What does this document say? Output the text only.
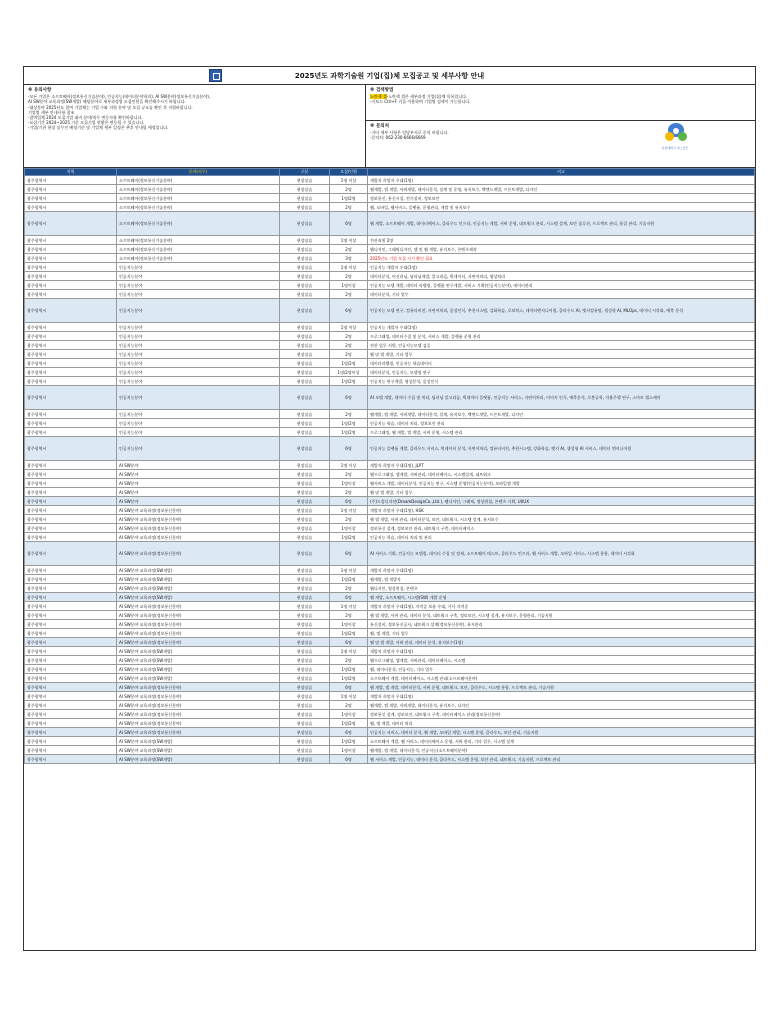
2025년도 과학기술원 기업(집)체 모집공고 및 세부사항 안내
※ 유의사항

-모든 기업은 소프트웨어(정보통신기술분야), 인공지능(데이터분야학과), AI SW분야(정보통신기술분야),

AI SW분야 교육과정(SW개발) 해당분야로 세부과정별 모집인원을 확인해주시기 바랍니다.

-대상분야 2025년도 참여 기업체는 기업 수와 지원 분야 및 모집 규모를 확인 후 지원바랍니다.

기업별 세부 안내사항 참조

-참여업체 2024 모집기업 대비 분야/직무 변동사항 확인바랍니다.

-모집기간 2024~2025 기준 모집기업 현황은 변동될 수 있습니다.

-기업/기관 현장 실무진 배정기준 및 기업체 세부 일정은 추후 안내될 예정입니다.

※ 검색방법

노란색 셀-노란색 셀은 세부과정 기업(집)체 목록입니다.

-키보드 Ctrl+F 키를 이용하여 기업명 검색이 가능합니다.

※ 문의처

-기타 세부 사항은 담당부서로 문의 바랍니다.

-문의처: 062-230-6666/6669

조선대학교 마스코트
지역	분야(직무)	구분	모집/인원	비고
광주광역시	소프트웨어(정보통신기술분야)	현장실습	1명 이상	개발자 희망자 우대(1명)
광주광역시	소프트웨어(정보통신기술분야)	현장실습	2명	웹개발, 앱 개발, 서버개발, 데이터분석, 설계 및 운영, 유지보수, 백엔드개발, 프론트개발, 디자인
광주광역시	소프트웨어(정보통신기술분야)	현장실습	1명/2명	정보통신, 통신시설, 전기설비, 정보보안
광주광역시	소프트웨어(정보통신기술분야)	현장실습	2명	웹, 모바일, 웹서비스, 플랫폼, 운영관리, 개발 및 유지보수
광주광역시	소프트웨어(정보통신기술분야)	현장실습	6명	웹 개발, 소프트웨어 개발, 데이터베이스, 클라우드 인프라, 인공지능 개발, 서버 운영, 네트워크 관리, 시스템 설계, 보안 솔루션, 프로젝트 관리, 품질 관리, 기술지원
광주광역시	소프트웨어(정보통신기술분야)	현장실습	1명 이상	전산직원 2명
광주광역시	소프트웨어(정보통신기술분야)	현장실습	2명	웹디자인, 그래픽디자인, 앱 및 웹 개발, 유지보수, 콘텐츠제작
광주광역시	소프트웨어(정보통신기술분야)	현장실습	3명	2025년도 기업 모집 시기 확인 필요
광주광역시	인공지능분야	현장실습	1명 이상	인공지능 개발자 우대(1명)
광주광역시	인공지능분야	현장실습	2명	데이터분석, 머신러닝, 딥러닝개발, 알고리즘, 빅데이터, 자연어처리, 영상처리
광주광역시	인공지능분야	현장실습	1명이상	인공지능 모델 개발, 데이터 라벨링, 플랫폼 연구개발, 서비스 기획(인공지능분야), 데이터관리
광주광역시	인공지능분야	현장실습	2명	데이터분석, 기타 업무
광주광역시	인공지능분야	현장실습	6명	인공지능 모델 연구, 컴퓨터비전, 자연어처리, 음성인식, 추천시스템, 강화학습, 로보틱스, 데이터엔지니어링, 클라우드 AI, 엣지컴퓨팅, 생성형 AI, MLOps, 데이터 시각화, 예측 분석
광주광역시	인공지능분야	현장실습	1명 이상	인공지능 개발자 우대(1명)
광주광역시	인공지능분야	현장실습	2명	프로그래밍, 데이터수집 및 분석, 서비스 개발, 플랫폼 운영 관리
광주광역시	인공지능분야	현장실습	2명	전산 업무 지원, 인공지능모델 검증
광주광역시	인공지능분야	현장실습	2명	웹 및 앱 개발, 기타 업무
광주광역시	인공지능분야	현장실습	1명/2명	데이터라벨링, 인공지능 학습데이터
광주광역시	인공지능분야	현장실습	1명/2명이상	데이터분석, 인공지능, 모델링 연구
광주광역시	인공지능분야	현장실습	1명/2명	인공지능 연구개발, 영상분석, 음성인식
광주광역시	인공지능분야	현장실습	6명	AI 모델 개발, 데이터 수집 및 처리, 딥러닝 알고리즘, 빅데이터 플랫폼, 인공지능 서비스, 자연어처리, 이미지 인식, 예측분석, 로봇공학, 자율주행 연구, 스마트 헬스케어
광주광역시	인공지능분야	현장실습	2명	웹개발, 앱 개발, 서버개발, 데이터분석, 설계, 유지보수, 백엔드개발, 프론트개발, 디자인
광주광역시	인공지능분야	현장실습	1명/2명	인공지능 학습, 데이터 처리, 정보보안 관리
광주광역시	인공지능분야	현장실습	1명/2명	프로그래밍, 웹 개발, 앱 개발, 서버 운영, 시스템 관리
광주광역시	인공지능분야	현장실습	6명	인공지능 플랫폼 개발, 클라우드 서비스, 빅데이터 분석, 자연어처리, 컴퓨터비전, 추천시스템, 강화학습, 엣지 AI, 생성형 AI 서비스, 데이터 엔지니어링
광주광역시	AI SW분야	현장실습	1명 이상	개발자 희망자 우대(1명), JLPT
광주광역시	AI SW분야	현장실습	2명	웹프로그래밍, 앱개발, 서버관리, 데이터베이스, 시스템설계, 네트워크
광주광역시	AI SW분야	현장실습	1명이상	웹서비스 개발, 데이터분석, 인공지능 연구, 시스템 운영(인공지능분야), 모바일앱 개발
광주광역시	AI SW분야	현장실습	2명	웹 및 앱 개발, 기타 업무
광주광역시	AI SW분야	현장실습	6명	(주)드림디자인(DreamDesignCo.,Ltd.), 웹디자인, 그래픽, 영상편집, 콘텐츠 기획, UI/UX
광주광역시	AI SW분야 교육과정(정보통신분야)	현장실습	1명 이상	개발자 희망자 우대(1명), HSK
광주광역시	AI SW분야 교육과정(정보통신분야)	현장실습	2명	웹 앱 개발, 서버 관리, 데이터분석, 보안, 네트워크, 시스템 설계, 유지보수
광주광역시	AI SW분야 교육과정(정보통신분야)	현장실습	1명이상	정보통신 설계, 정보보안 관리, 네트워크 구축, 데이터베이스
광주광역시	AI SW분야 교육과정(정보통신분야)	현장실습	1명/2명	인공지능 학습, 데이터 처리 및 관리
광주광역시	AI SW분야 교육과정(정보통신분야)	현장실습	6명	AI 서비스 기획, 인공지능 모델링, 데이터 수집 및 정제, 소프트웨어 테스트, 클라우드 인프라, 웹 서비스 개발, 모바일 서비스, 시스템 통합, 데이터 시각화
광주광역시	AI SW분야 교육과정(SW개발)	현장실습	1명 이상	개발자 희망자 우대(1명)
광주광역시	AI SW분야 교육과정(SW개발)	현장실습	1명/2명	웹개발, 앱 개발자
광주광역시	AI SW분야 교육과정(SW개발)	현장실습	2명	웹디자인, 영상편집, 콘텐츠
광주광역시	AI SW분야 교육과정(SW개발)	현장실습	6명	웹 개발, 소프트웨어, 시스템(SW) 개발 운영
광주광역시	AI SW분야 교육과정(정보통신분야)	현장실습	1명 이상	개발자 희망자 우대(1명), 자격증 보유 우대, 기사 자격증
광주광역시	AI SW분야 교육과정(정보통신분야)	현장실습	2명	웹 앱 개발, 서버 관리, 데이터 분석, 네트워크 구축, 정보보안, 시스템 설계, 유지보수, 운영관리, 기술지원
광주광역시	AI SW분야 교육과정(정보통신분야)	현장실습	1명이상	통신설비, 정보통신공사, 네트워크 설계(정보통신분야), 유지관리
광주광역시	AI SW분야 교육과정(정보통신분야)	현장실습	1명/2명	웹, 앱 개발, 기타 업무
광주광역시	AI SW분야 교육과정(정보통신분야)	현장실습	6명	웹 및 앱 개발, 서버 관리, 데이터 분석, 유지보수(1명)
광주광역시	AI SW분야 교육과정(SW개발)	현장실습	1명 이상	개발자 희망자 우대(1명)
광주광역시	AI SW분야 교육과정(SW개발)	현장실습	2명	웹프로그래밍, 앱개발, 서버관리, 데이터베이스, 시스템
광주광역시	AI SW분야 교육과정(SW개발)	현장실습	1명/2명	웹, 데이터분석, 인공지능, 기타 업무
광주광역시	AI SW분야 교육과정(SW개발)	현장실습	1명/2명	소프트웨어 개발, 데이터베이스, 시스템 관리(소프트웨어분야)
광주광역시	AI SW분야 교육과정(정보통신분야)	현장실습	6명	웹 개발, 앱 개발, 데이터분석, 서버 운영, 네트워크, 보안, 클라우드, 시스템 통합, 프로젝트 관리, 기술지원
광주광역시	AI SW분야 교육과정(정보통신분야)	현장실습	1명 이상	개발자 희망자 우대(1명)
광주광역시	AI SW분야 교육과정(정보통신분야)	현장실습	2명	웹개발, 앱 개발, 서버개발, 데이터분석, 유지보수, 디자인
광주광역시	AI SW분야 교육과정(정보통신분야)	현장실습	1명이상	정보통신 설계, 정보보안, 네트워크 구축, 데이터베이스 관리(정보통신분야)
광주광역시	AI SW분야 교육과정(정보통신분야)	현장실습	1명/2명	웹, 앱 개발, 데이터 처리
광주광역시	AI SW분야 교육과정(정보통신분야)	현장실습	6명	인공지능 서비스, 데이터 분석, 웹 개발, 모바일 개발, 시스템 운영, 클라우드, 보안 관리, 기술지원
광주광역시	AI SW분야 교육과정(SW개발)	현장실습	1명/2명	소프트웨어 개발, 웹 서비스, 데이터베이스 운영, 서버 관리, 기타 업무, 시스템 설계
광주광역시	AI SW분야 교육과정(SW개발)	현장실습	1명이상	웹개발, 앱 개발, 데이터분석, 인공지능(소프트웨어분야)
광주광역시	AI SW분야 교육과정(SW개발)	현장실습	6명	웹 서비스 개발, 인공지능, 데이터 분석, 클라우드, 시스템 운영, 보안 관리, 네트워크, 기술지원, 프로젝트 관리
